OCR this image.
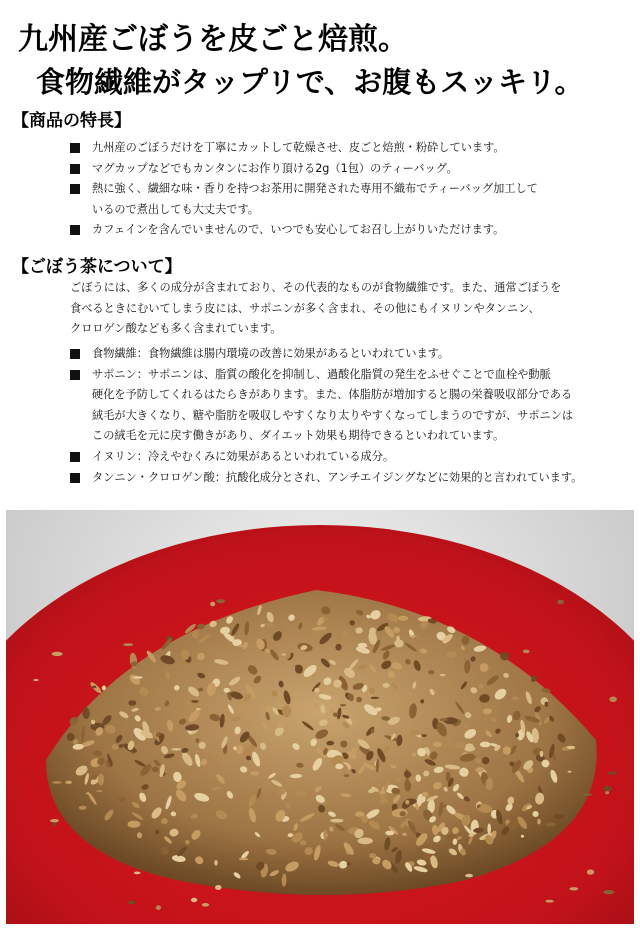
九州産ごぼうを皮ごと焙煎。
食物繊維がタップリで、お腹もスッキリ。
【商品の特長】
九州産のごぼうだけを丁寧にカットして乾燥させ、皮ごと焙煎・粉砕しています。
マグカップなどでもカンタンにお作り頂ける2g（1包）のティーバッグ。
熱に強く、繊細な味・香りを持つお茶用に開発された専用不織布でティーバッグ加工して
いるので煮出しても大丈夫です。
カフェインを含んでいませんので、いつでも安心してお召し上がりいただけます。
【ごぼう茶について】
ごぼうには、多くの成分が含まれており、その代表的なものが食物繊維です。また、通常ごぼうを
食べるときにむいてしまう皮には、サポニンが多く含まれ、その他にもイヌリンやタンニン、
クロロゲン酸なども多く含まれています。
食物繊維：食物繊維は腸内環境の改善に効果があるといわれています。
サポニン：サポニンは、脂質の酸化を抑制し、過酸化脂質の発生をふせぐことで血栓や動脈
硬化を予防してくれるはたらきがあります。また、体脂肪が増加すると腸の栄養吸収部分である
絨毛が大きくなり、糖や脂肪を吸収しやすくなり太りやすくなってしまうのですが、サポニンは
この絨毛を元に戻す働きがあり、ダイエット効果も期待できるといわれています。
イヌリン：冷えやむくみに効果があるといわれている成分。
タンニン・クロロゲン酸：抗酸化成分とされ、アンチエイジングなどに効果的と言われています。
